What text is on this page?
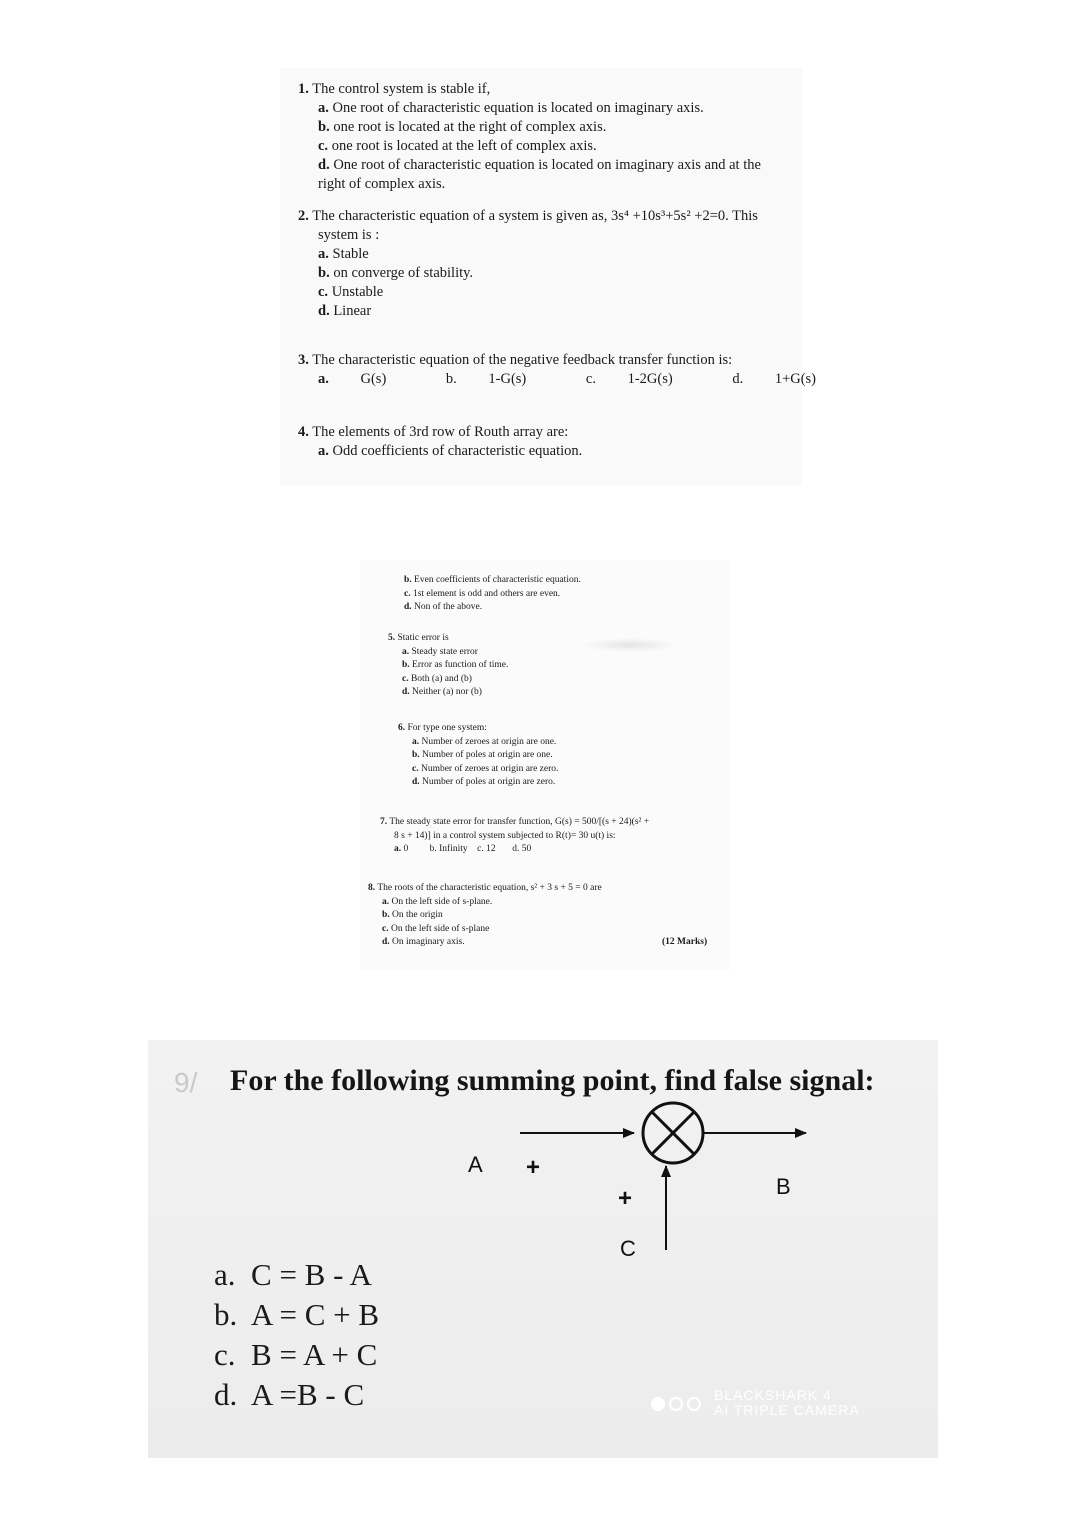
1. The control system is stable if,
a. One root of characteristic equation is located on imaginary axis.
b. one root is located at the right of complex axis.
c. one root is located at the left of complex axis.
d. One root of characteristic equation is located on imaginary axis and at the
right of complex axis.
2. The characteristic equation of a system is given as, 3s⁴ +10s³+5s² +2=0. This
system is :
a. Stable
b. on converge of stability.
c. Unstable
d. Linear
3. The characteristic equation of the negative feedback transfer function is:
a. G(s)	b. 1-G(s)	c. 1-2G(s)	d. 1+G(s)
4. The elements of 3rd row of Routh array are:
a. Odd coefficients of characteristic equation.
b. Even coefficients of characteristic equation.
c. 1st element is odd and others are even.
d. Non of the above.
5. Static error is
a. Steady state error
b. Error as function of time.
c. Both (a) and (b)
d. Neither (a) nor (b)
6. For type one system:
a. Number of zeroes at origin are one.
b. Number of poles at origin are one.
c. Number of zeroes at origin are zero.
d. Number of poles at origin are zero.
7. The steady state error for transfer function, G(s) = 500/[(s + 24)(s² +
8 s + 14)] in a control system subjected to R(t)= 30 u(t) is:
a. 0 b. Infinity c. 12 d. 50
8. The roots of the characteristic equation, s² + 3 s + 5 = 0 are
a. On the left side of s-plane.
b. On the origin
c. On the left side of s-plane
d. On imaginary axis.	(12 Marks)
9/ For the following summing point, find false signal:
A +
+	B
C
a. C = B - A
b. A = C + B
c. B = A + C
d. A =B - C	BLACKSHARK 4
AI TRIPLE CAMERA
